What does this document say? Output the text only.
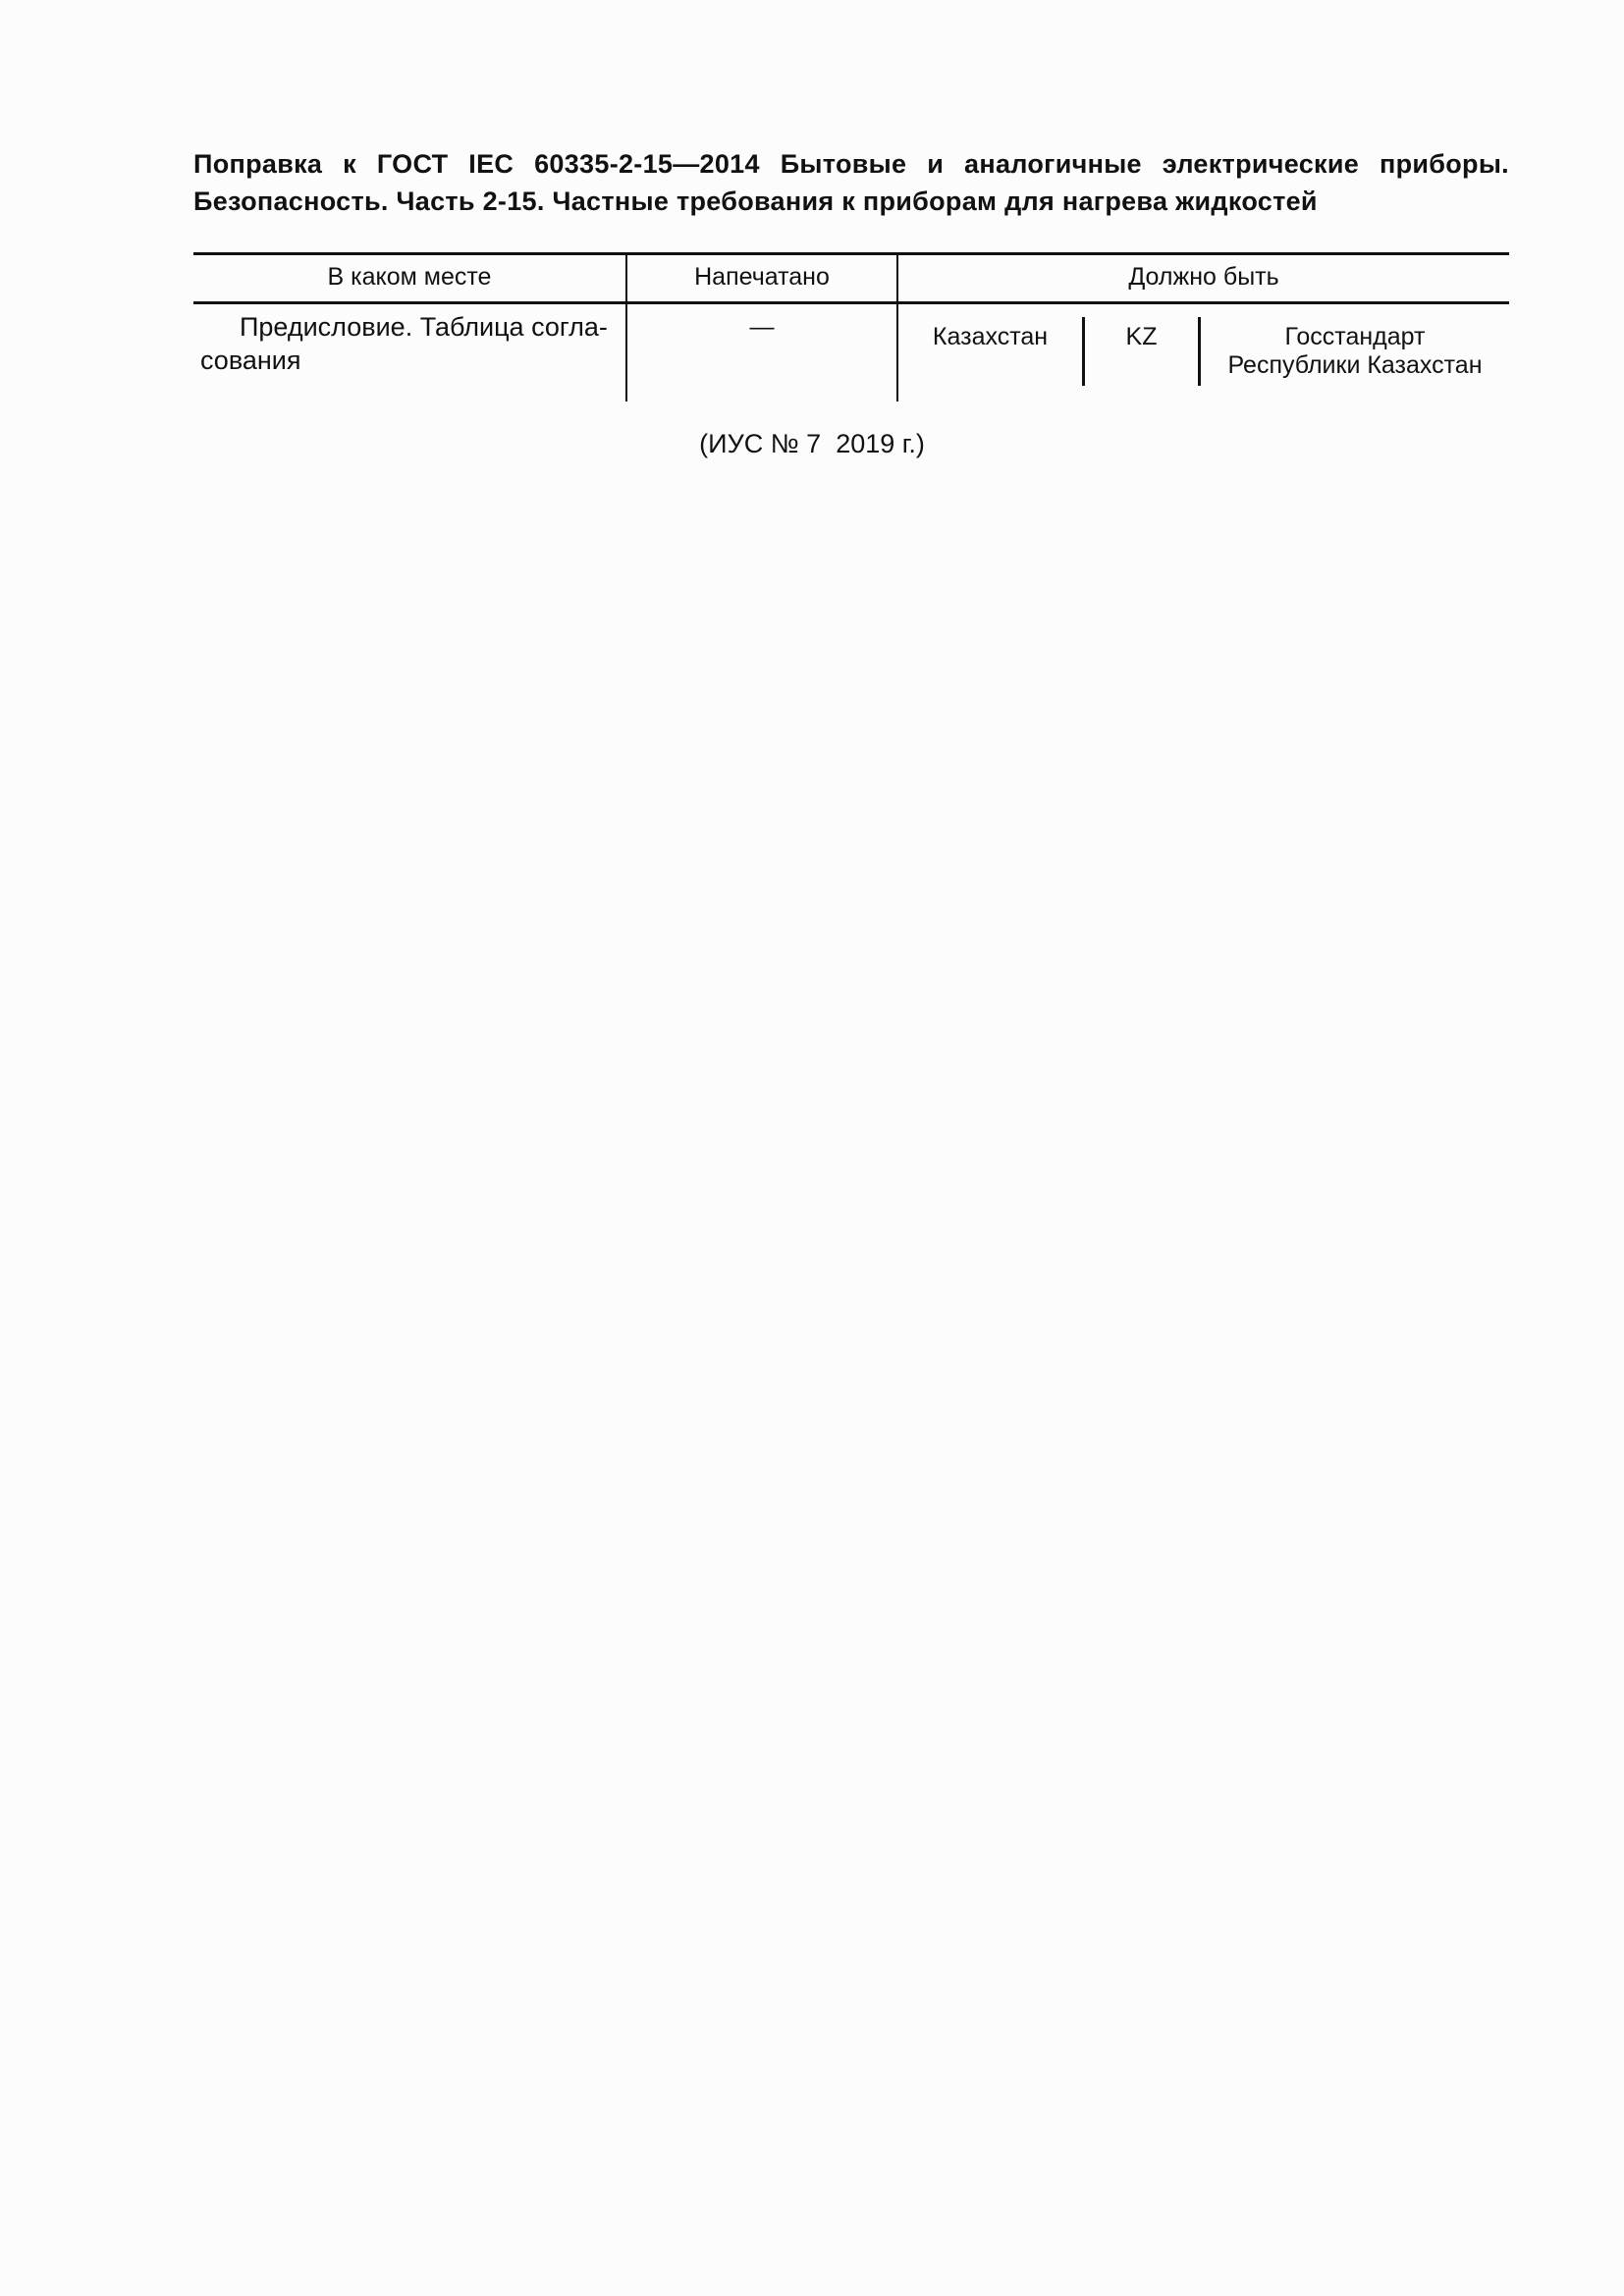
Поправка к ГОСТ IEC 60335-2-15—2014 Бытовые и аналогичные электрические приборы.
Безопасность. Часть 2-15. Частные требования к приборам для нагрева жидкостей
В каком месте	Напечатано	Должно быть
Предисловие. Таблица согла-
сования
—	Казахстан	KZ	Госстандарт
Республики Казахстан
(ИУС № 7  2019 г.)
